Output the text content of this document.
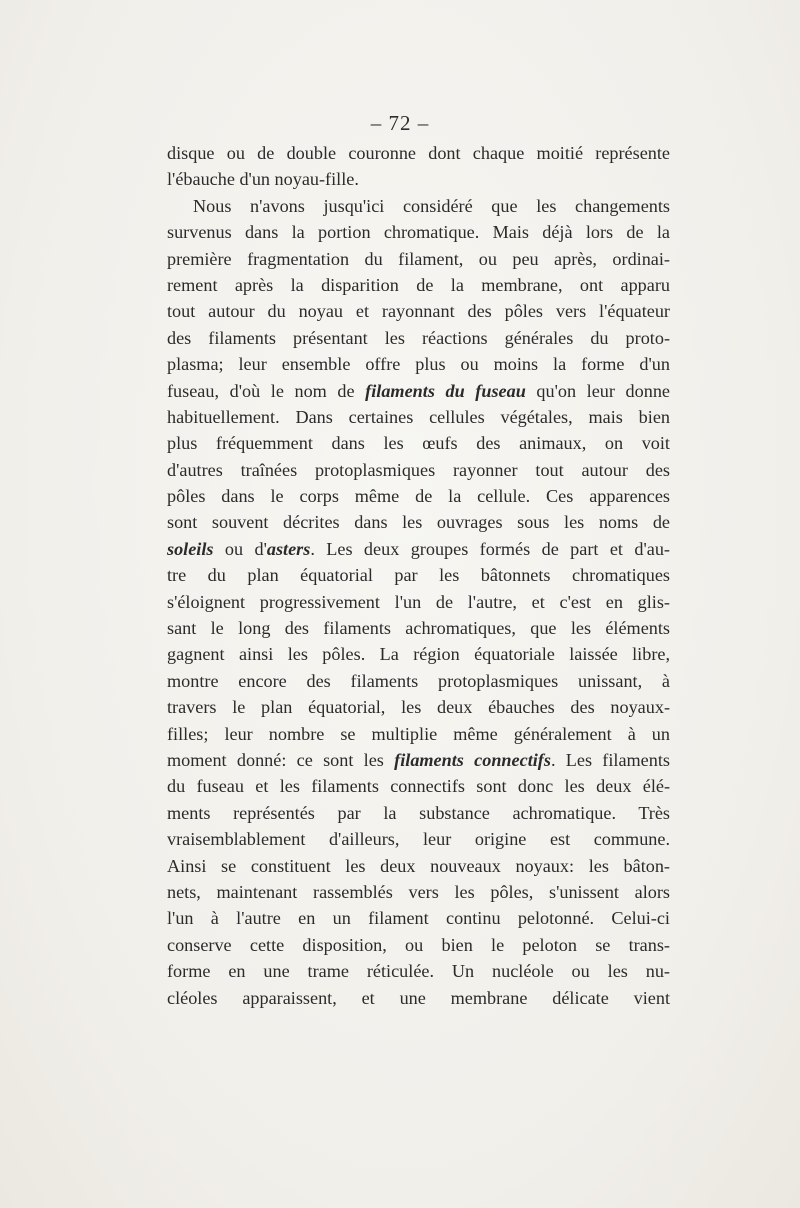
– 72 –
disque ou de double couronne dont chaque moitié représente
l'ébauche d'un noyau-fille.
Nous n'avons jusqu'ici considéré que les changements
survenus dans la portion chromatique. Mais déjà lors de la
première fragmentation du filament, ou peu après, ordinai-
rement après la disparition de la membrane, ont apparu
tout autour du noyau et rayonnant des pôles vers l'équateur
des filaments présentant les réactions générales du proto-
plasma; leur ensemble offre plus ou moins la forme d'un
fuseau, d'où le nom de filaments du fuseau qu'on leur donne
habituellement. Dans certaines cellules végétales, mais bien
plus fréquemment dans les œufs des animaux, on voit
d'autres traînées protoplasmiques rayonner tout autour des
pôles dans le corps même de la cellule. Ces apparences
sont souvent décrites dans les ouvrages sous les noms de
soleils ou d'asters. Les deux groupes formés de part et d'au-
tre du plan équatorial par les bâtonnets chromatiques
s'éloignent progressivement l'un de l'autre, et c'est en glis-
sant le long des filaments achromatiques, que les éléments
gagnent ainsi les pôles. La région équatoriale laissée libre,
montre encore des filaments protoplasmiques unissant, à
travers le plan équatorial, les deux ébauches des noyaux-
filles; leur nombre se multiplie même généralement à un
moment donné: ce sont les filaments connectifs. Les filaments
du fuseau et les filaments connectifs sont donc les deux élé-
ments représentés par la substance achromatique. Très
vraisemblablement d'ailleurs, leur origine est commune.
Ainsi se constituent les deux nouveaux noyaux: les bâton-
nets, maintenant rassemblés vers les pôles, s'unissent alors
l'un à l'autre en un filament continu pelotonné. Celui-ci
conserve cette disposition, ou bien le peloton se trans-
forme en une trame réticulée. Un nucléole ou les nu-
cléoles apparaissent, et une membrane délicate vient
